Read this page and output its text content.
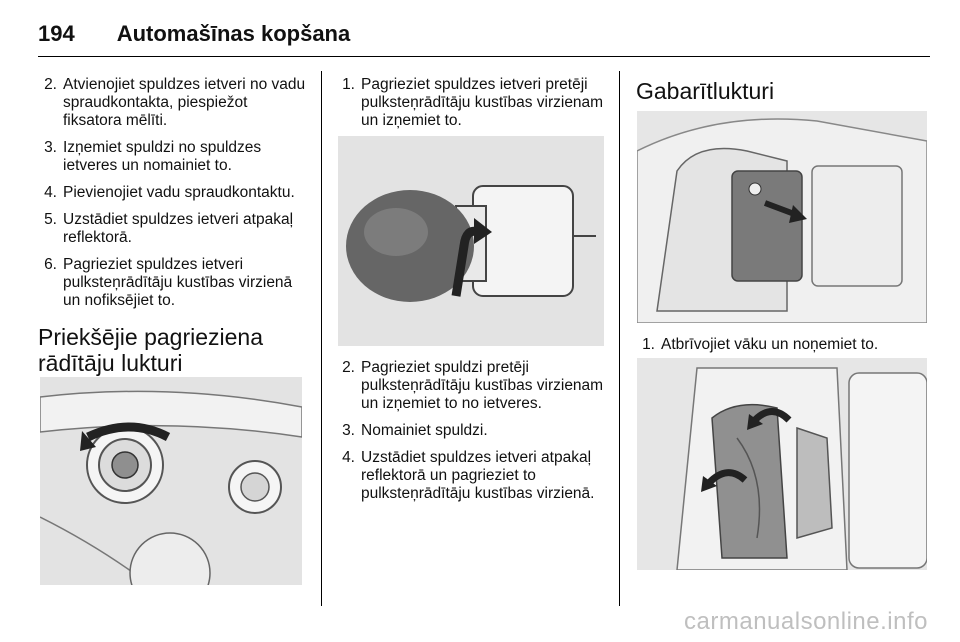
194 Automašīnas kopšana
2. Atvienojiet spuldzes ietveri no vadu spraudkontakta, piespiežot fiksatora mēlīti.
3. Izņemiet spuldzi no spuldzes ietveres un nomainiet to.
4. Pievienojiet vadu spraudkontaktu.
5. Uzstādiet spuldzes ietveri atpakaļ reflektorā.
6. Pagrieziet spuldzes ietveri pulksteņrādītāju kustības virzienā un nofiksējiet to.
Priekšējie pagrieziena
rādītāju lukturi
1. Pagrieziet spuldzes ietveri pretēji pulksteņrādītāju kustības virzienam un izņemiet to.
2. Pagrieziet spuldzi pretēji pulksteņrādītāju kustības virzienam un izņemiet to no ietveres.
3. Nomainiet spuldzi.
4. Uzstādiet spuldzes ietveri atpakaļ reflektorā un pagrieziet to pulksteņrādītāju kustības virzienā.
Gabarītlukturi
1. Atbrīvojiet vāku un noņemiet to.
carmanualsonline.info
